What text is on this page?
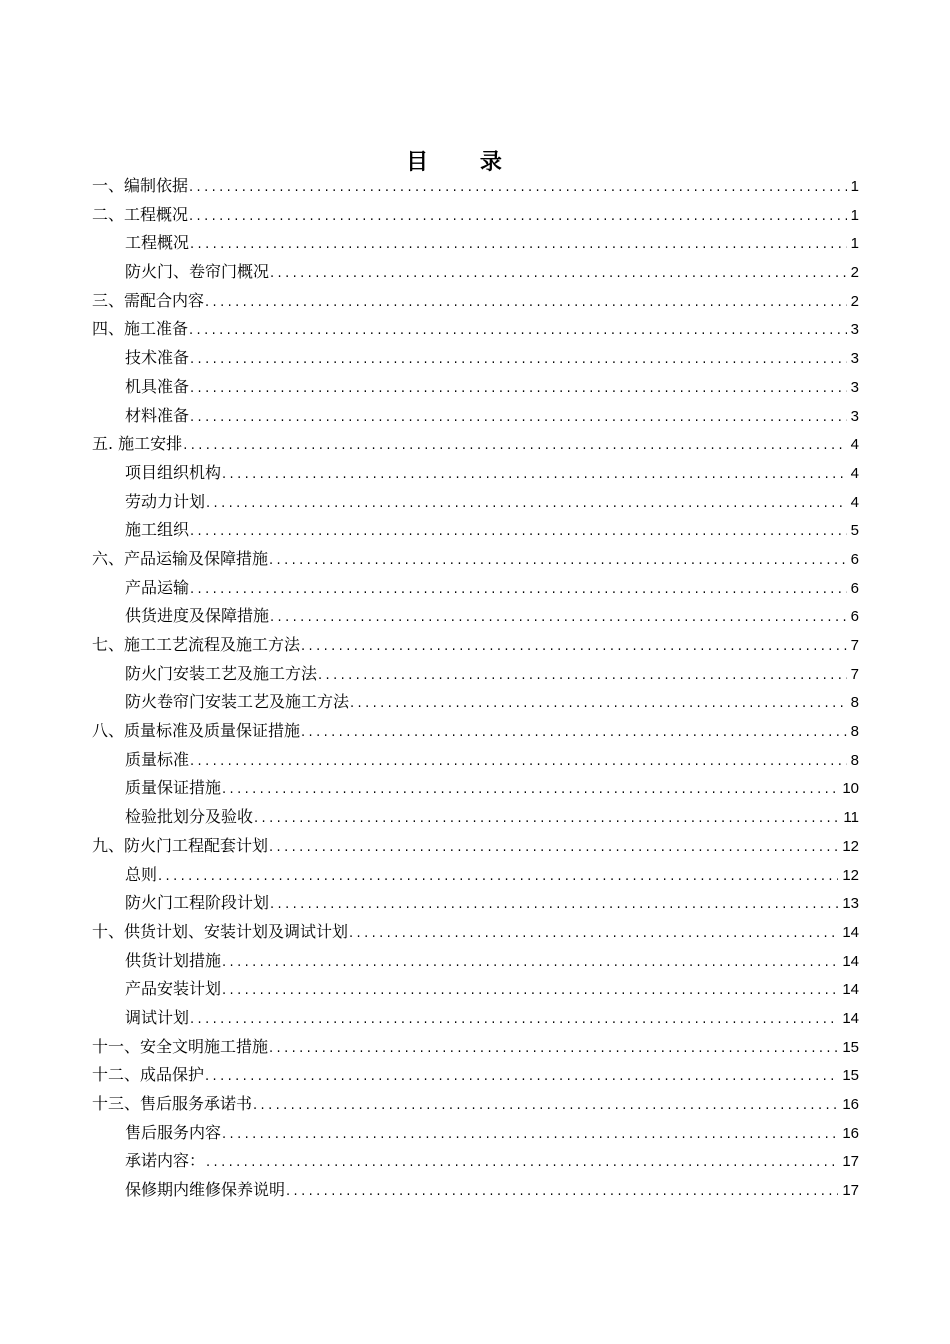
目 录
一、编制依据 .....	1
二、工程概况 .....	1
工程概况 .....	1
防火门、卷帘门概况 .....	2
三、需配合内容 .....	2
四、施工准备 .....	3
技术准备 .....	3
机具准备 .....	3
材料准备 .....	3
五. 施工安排 .....	4
项目组织机构 .....	4
劳动力计划 .....	4
施工组织 .....	5
六、产品运输及保障措施 .....	6
产品运输 .....	6
供货进度及保障措施 .....	6
七、施工工艺流程及施工方法 .....	7
防火门安装工艺及施工方法 .....	7
防火卷帘门安装工艺及施工方法 .....	8
八、质量标准及质量保证措施 .....	8
质量标准 .....	8
质量保证措施 .....	10
检验批划分及验收 .....	11
九、防火门工程配套计划 .....	12
总则 .....	12
防火门工程阶段计划 .....	13
十、供货计划、安装计划及调试计划 .....	14
供货计划措施 .....	14
产品安装计划 .....	14
调试计划 .....	14
十一、安全文明施工措施 .....	15
十二、成品保护 .....	15
十三、售后服务承诺书 .....	16
售后服务内容 .....	16
承诺内容： .....	17
保修期内维修保养说明 .....	17
